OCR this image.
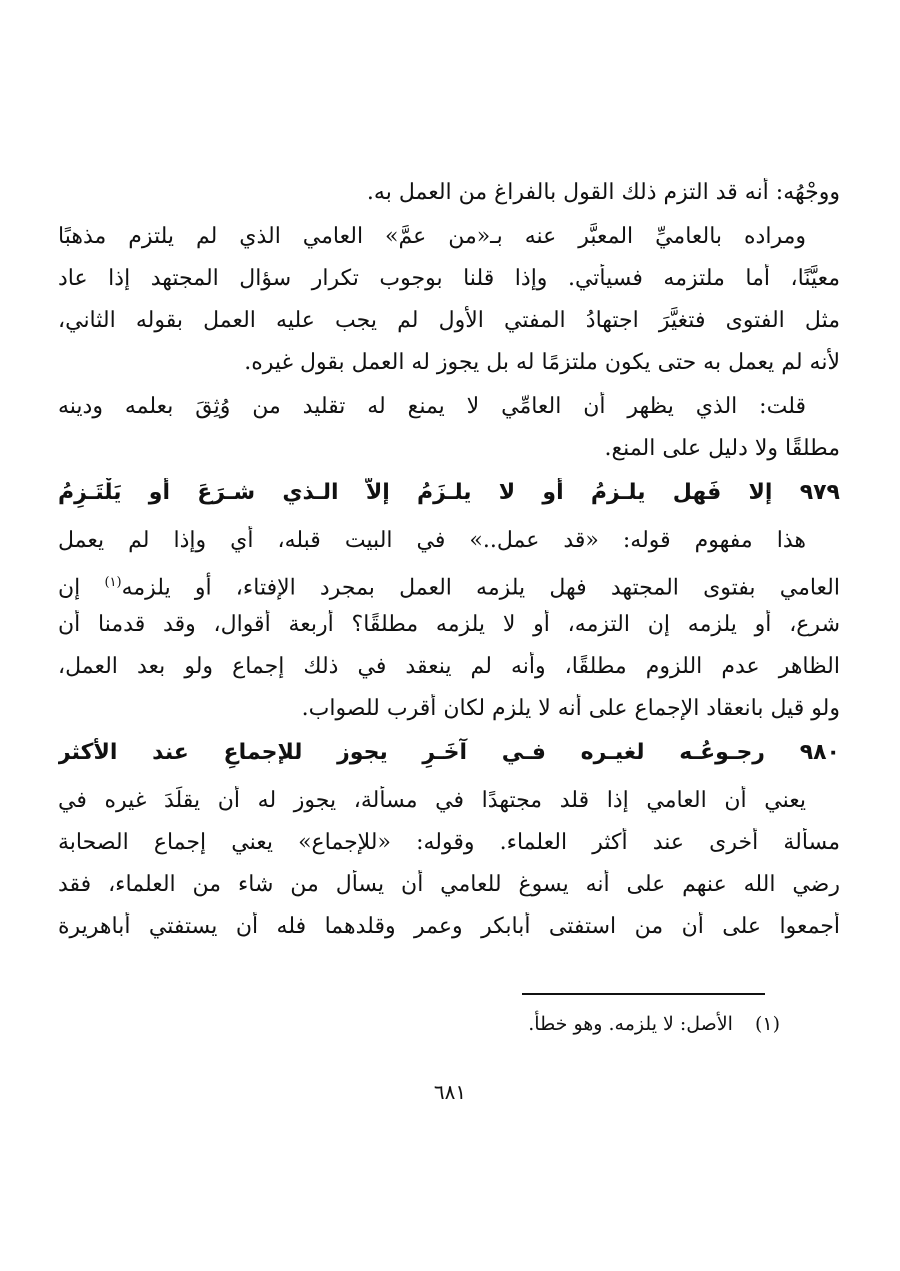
ووجْهُه: أنه قد التزم ذلك القول بالفراغ من العمل به.
ومراده بالعاميِّ المعبَّر عنه بـ«من عمَّ» العامي الذي لم يلتزم مذهبًا
معيَّنًا، أما ملتزمه فسيأتي. وإذا قلنا بوجوب تكرار سؤال المجتهد إذا عاد
مثل الفتوى فتغيَّرَ اجتهادُ المفتي الأول لم يجب عليه العمل بقوله الثاني،
لأنه لم يعمل به حتى يكون ملتزمًا له بل يجوز له العمل بقول غيره.
قلت: الذي يظهر أن العامِّي لا يمنع له تقليد من وُثِقَ بعلمه ودينه
مطلقًا ولا دليل على المنع.
٩٧٩ إلا فَهل يلـزمُ أو لا يلـزَمُ إلاّ الـذي شـرَعَ أو يَلْتَـزِمُ
هذا مفهوم قوله: «قد عمل..» في البيت قبله، أي وإذا لم يعمل
العامي بفتوى المجتهد فهل يلزمه العمل بمجرد الإفتاء، أو يلزمه$^{(١)}$ إن
شرع، أو يلزمه إن التزمه، أو لا يلزمه مطلقًا؟ أربعة أقوال، وقد قدمنا أن
الظاهر عدم اللزوم مطلقًا، وأنه لم ينعقد في ذلك إجماع ولو بعد العمل،
ولو قيل بانعقاد الإجماع على أنه لا يلزم لكان أقرب للصواب.
٩٨٠ رجـوعُـه لغيـره فـي آخَـرِ يجوز للإجماعِ عند الأكثر
يعني أن العامي إذا قلد مجتهدًا في مسألة، يجوز له أن يقلِّدَ غيره في
مسألة أخرى عند أكثر العلماء. وقوله: «للإجماع» يعني إجماع الصحابة
رضي الله عنهم على أنه يسوغ للعامي أن يسأل من شاء من العلماء، فقد
أجمعوا على أن من استفتى أبابكر وعمر وقلدهما فله أن يستفتي أباهريرة
(١)الأصل: لا يلزمه. وهو خطأ.
٦٨١
